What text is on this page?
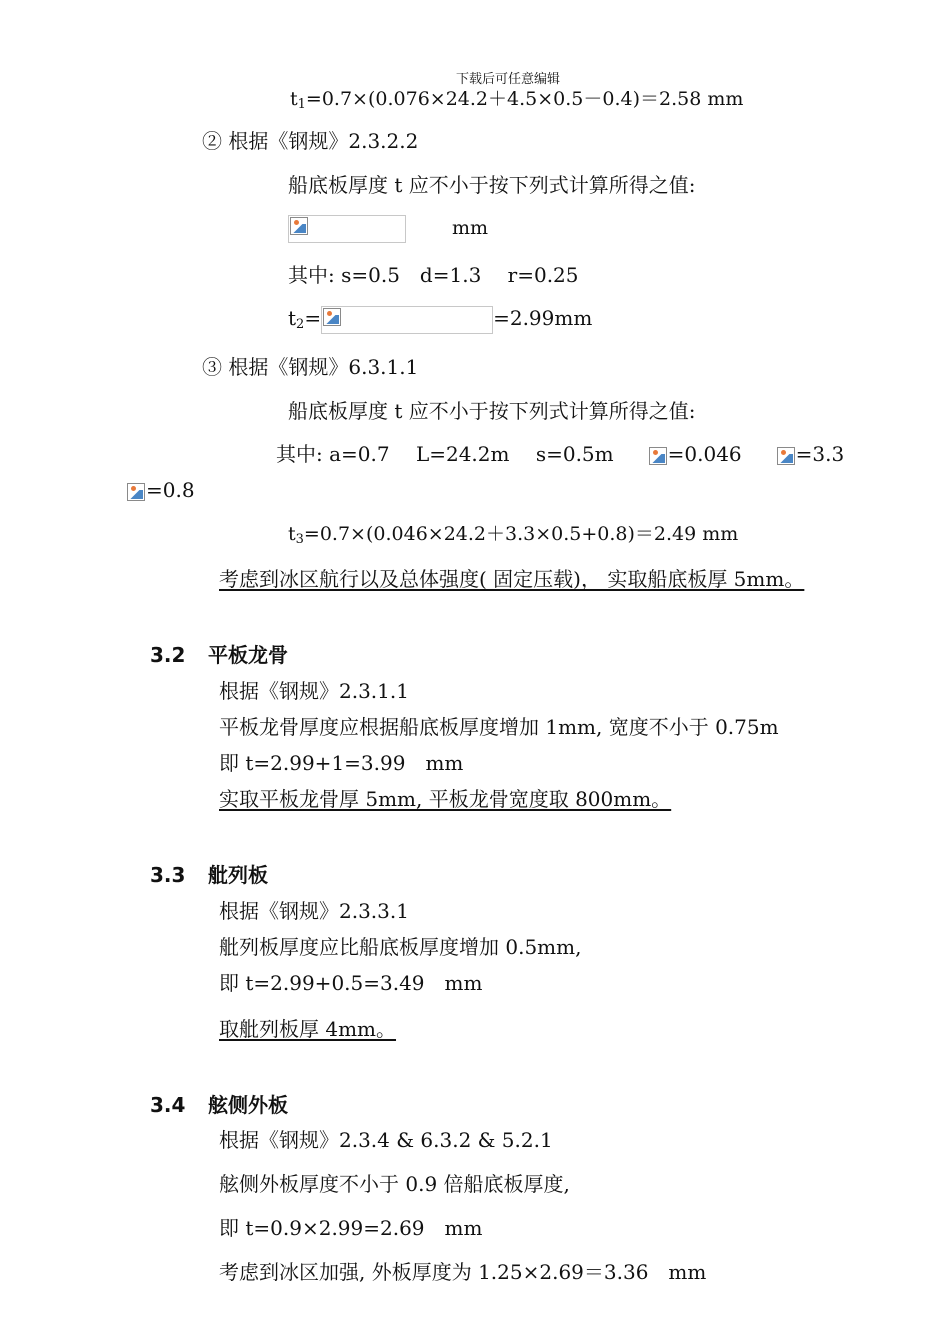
下载后可任意编辑
$t_1=0.7\times(0.076\times 24.2+4.5\times 0.5-0.4)=2.58$ mm
② 根据《钢规》2.3.2.2
船底板厚度 t 应不小于按下列式计算所得之值:
mm
其中: s=0.5　d=1.3　 r=0.25
$t_2=$	=2.99mm
③ 根据《钢规》6.3.1.1
船底板厚度 t 应不小于按下列式计算所得之值:
其中: a=0.7　 L=24.2m　 s=0.5m	=0.046	=3.3
=0.8
$t_3=0.7\times(0.046\times 24.2+3.3\times 0.5+0.8)=2.49$ mm
考虑到冰区航行以及总体强度( 固定压载)， 实取船底板厚 5mm。
3.2 平板龙骨
根据《钢规》2.3.1.1
平板龙骨厚度应根据船底板厚度增加 1mm, 宽度不小于 0.75m
即 t=2.99+1=3.99　mm
实取平板龙骨厚 5mm, 平板龙骨宽度取 800mm。
3.3 舭列板
根据《钢规》2.3.3.1
舭列板厚度应比船底板厚度增加 0.5mm,
即 t=2.99+0.5=3.49　mm
取舭列板厚 4mm。
3.4 舷侧外板
根据《钢规》2.3.4 & 6.3.2 & 5.2.1
舷侧外板厚度不小于 0.9 倍船底板厚度,
即 t=0.9×2.99=2.69　mm
考虑到冰区加强, 外板厚度为 1.25×2.69＝3.36　mm
